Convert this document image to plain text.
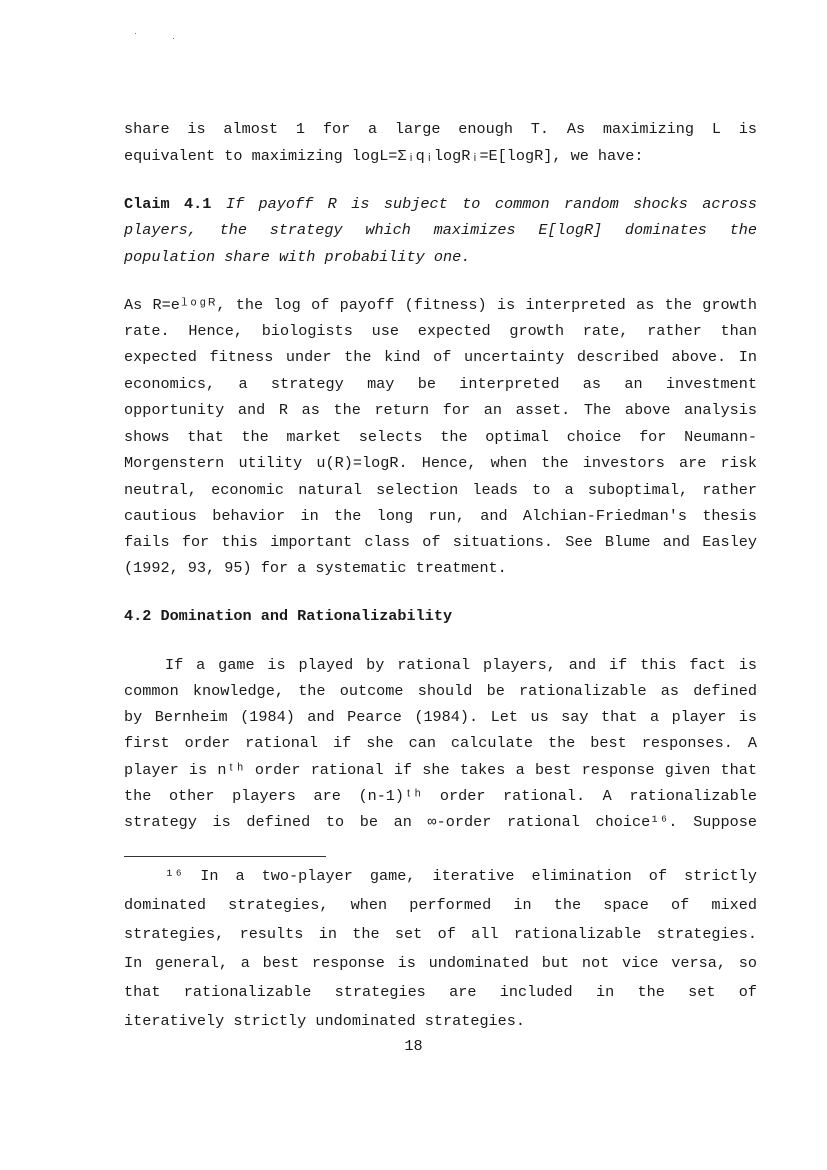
share is almost 1 for a large enough T. As maximizing L is
equivalent to maximizing logL=ΣᵢqᵢlogRᵢ=E[logR], we have:
Claim 4.1 If payoff R is subject to common random shocks across
players, the strategy which maximizes E[logR] dominates the
population share with probability one.
As R=eˡᵒᵍᴿ, the log of payoff (fitness) is interpreted as the growth
rate. Hence, biologists use expected growth rate, rather than
expected fitness under the kind of uncertainty described above. In
economics, a strategy may be interpreted as an investment
opportunity and R as the return for an asset. The above analysis
shows that the market selects the optimal choice for Neumann-
Morgenstern utility u(R)=logR. Hence, when the investors are risk
neutral, economic natural selection leads to a suboptimal, rather
cautious behavior in the long run, and Alchian-Friedman's thesis
fails for this important class of situations. See Blume and Easley
(1992, 93, 95) for a systematic treatment.
4.2 Domination and Rationalizability
If a game is played by rational players, and if this fact is
common knowledge, the outcome should be rationalizable as defined
by Bernheim (1984) and Pearce (1984). Let us say that a player is
first order rational if she can calculate the best responses. A
player is nᵗʰ order rational if she takes a best response given that
the other players are (n-1)ᵗʰ order rational. A rationalizable
strategy is defined to be an ∞-order rational choice¹⁶. Suppose
¹⁶ In a two-player game, iterative elimination of strictly
dominated strategies, when performed in the space of mixed
strategies, results in the set of all rationalizable strategies.
In general, a best response is undominated but not vice versa, so
that rationalizable strategies are included in the set of
iteratively strictly undominated strategies.
18
